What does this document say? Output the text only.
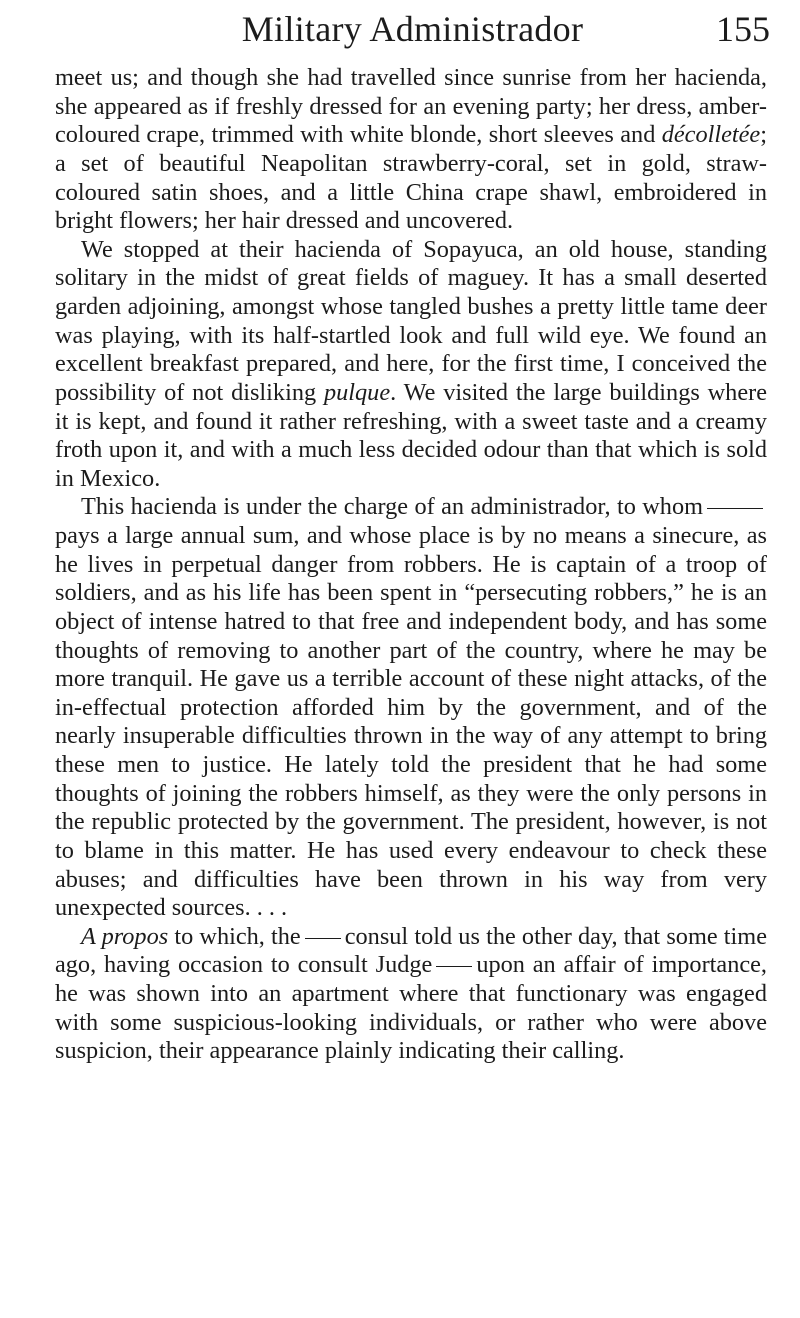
Military Administrador	155

meet us; and though she had travelled since sunrise from her hacienda, she appeared as if freshly dressed for an evening party; her dress, amber-coloured crape, trimmed with white blonde, short sleeves and décolletée; a set of beautiful Neapolitan strawberry-coral, set in gold, straw-coloured satin shoes, and a little China crape shawl, embroidered in bright flowers; her hair dressed and uncovered.

We stopped at their hacienda of Sopayuca, an old house, standing solitary in the midst of great fields of maguey. It has a small deserted garden adjoining, amongst whose tangled bushes a pretty little tame deer was playing, with its half-startled look and full wild eye. We found an excellent breakfast prepared, and here, for the first time, I conceived the possibility of not disliking pulque. We visited the large buildings where it is kept, and found it rather refreshing, with a sweet taste and a creamy froth upon it, and with a much less decided odour than that which is sold in Mexico.

This hacienda is under the charge of an administrador, to whompays a large annual sum, and whose place is by no means a sinecure, as he lives in perpetual danger from robbers. He is captain of a troop of soldiers, and as his life has been spent in “persecuting robbers,” he is an object of intense hatred to that free and independent body, and has some thoughts of removing to another part of the country, where he may be more tranquil. He gave us a terrible account of these night attacks, of the in-effectual protection afforded him by the government, and of the nearly insuperable difficulties thrown in the way of any attempt to bring these men to justice. He lately told the president that he had some thoughts of joining the robbers himself, as they were the only persons in the republic protected by the government. The president, however, is not to blame in this matter. He has used every endeavour to check these abuses; and difficulties have been thrown in his way from very unexpected sources. . . .

A propos to which, the consul told us the other day, that some time ago, having occasion to consult Judge upon an affair of importance, he was shown into an apartment where that functionary was engaged with some suspicious-looking individuals, or rather who were above suspicion, their appearance plainly indicating their calling.
